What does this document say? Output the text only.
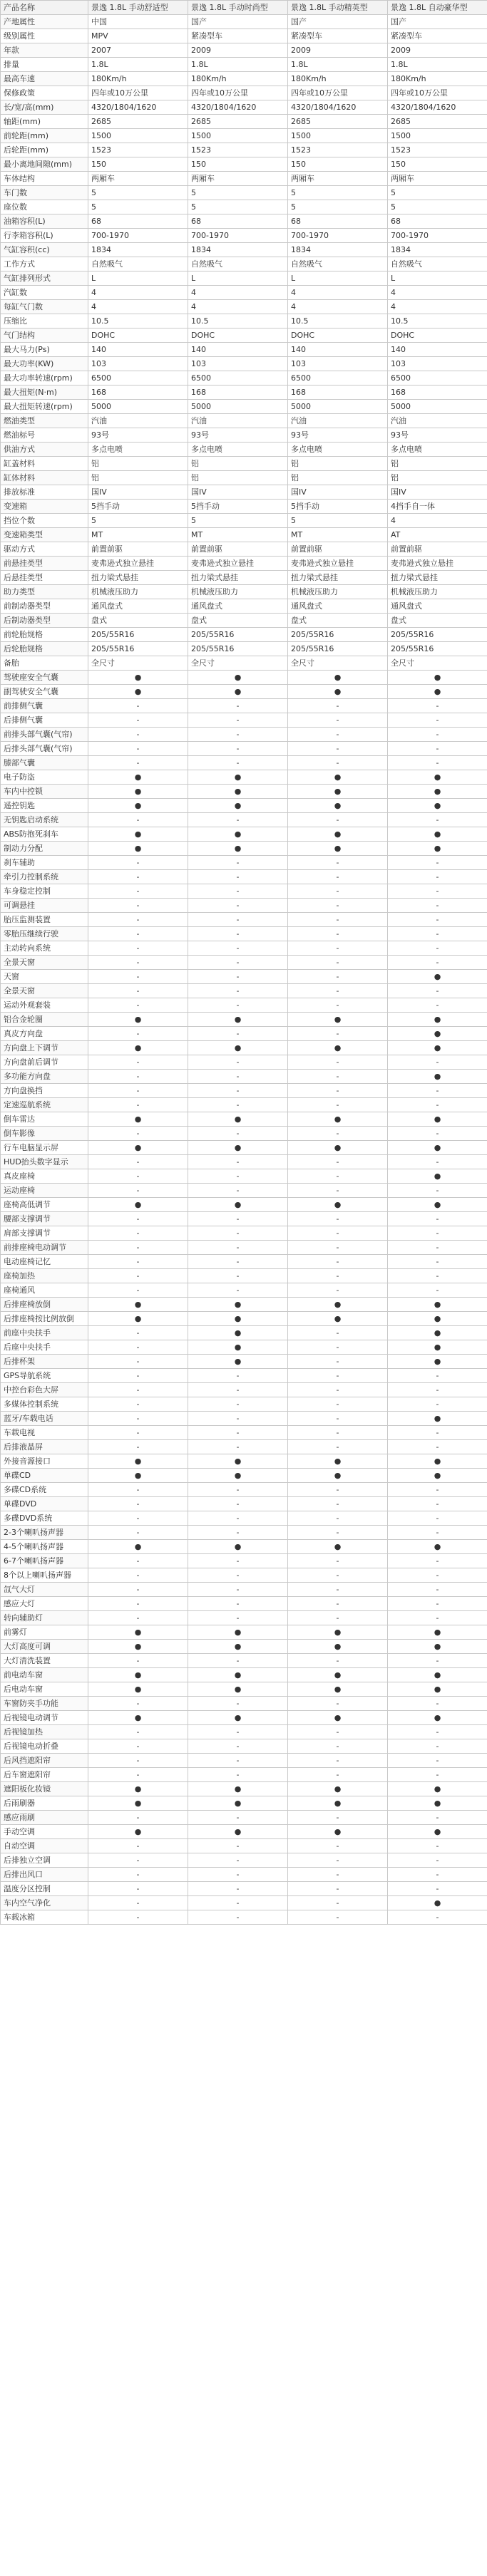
产品名称	景逸 1.8L 手动舒适型	景逸 1.8L 手动时尚型	景逸 1.8L 手动精英型	景逸 1.8L 自动豪华型
产地属性	中国	国产	国产	国产
级别属性	MPV	紧凑型车	紧凑型车	紧凑型车
年款	2007	2009	2009	2009
排量	1.8L	1.8L	1.8L	1.8L
最高车速	180Km/h	180Km/h	180Km/h	180Km/h
保修政策	四年或10万公里	四年或10万公里	四年或10万公里	四年或10万公里
长/宽/高(mm)	4320/1804/1620	4320/1804/1620	4320/1804/1620	4320/1804/1620
轴距(mm)	2685	2685	2685	2685
前轮距(mm)	1500	1500	1500	1500
后轮距(mm)	1523	1523	1523	1523
最小离地间隙(mm)	150	150	150	150
车体结构	两厢车	两厢车	两厢车	两厢车
车门数	5	5	5	5
座位数	5	5	5	5
油箱容积(L)	68	68	68	68
行李箱容积(L)	700-1970	700-1970	700-1970	700-1970
气缸容积(cc)	1834	1834	1834	1834
工作方式	自然吸气	自然吸气	自然吸气	自然吸气
气缸排列形式	L	L	L	L
汽缸数	4	4	4	4
每缸气门数	4	4	4	4
压缩比	10.5	10.5	10.5	10.5
气门结构	DOHC	DOHC	DOHC	DOHC
最大马力(Ps)	140	140	140	140
最大功率(KW)	103	103	103	103
最大功率转速(rpm)	6500	6500	6500	6500
最大扭矩(N·m)	168	168	168	168
最大扭矩转速(rpm)	5000	5000	5000	5000
燃油类型	汽油	汽油	汽油	汽油
燃油标号	93号	93号	93号	93号
供油方式	多点电喷	多点电喷	多点电喷	多点电喷
缸盖材料	铝	铝	铝	铝
缸体材料	铝	铝	铝	铝
排放标准	国IV	国IV	国IV	国IV
变速箱	5挡手动	5挡手动	5挡手动	4挡手自一体
挡位个数	5	5	5	4
变速箱类型	MT	MT	MT	AT
驱动方式	前置前驱	前置前驱	前置前驱	前置前驱
前悬挂类型	麦弗逊式独立悬挂	麦弗逊式独立悬挂	麦弗逊式独立悬挂	麦弗逊式独立悬挂
后悬挂类型	扭力梁式悬挂	扭力梁式悬挂	扭力梁式悬挂	扭力梁式悬挂
助力类型	机械液压助力	机械液压助力	机械液压助力	机械液压助力
前制动器类型	通风盘式	通风盘式	通风盘式	通风盘式
后制动器类型	盘式	盘式	盘式	盘式
前轮胎规格	205/55R16	205/55R16	205/55R16	205/55R16
后轮胎规格	205/55R16	205/55R16	205/55R16	205/55R16
备胎	全尺寸	全尺寸	全尺寸	全尺寸
驾驶座安全气囊	●	●	●	●
副驾驶安全气囊	●	●	●	●
前排侧气囊	-	-	-	-
后排侧气囊	-	-	-	-
前排头部气囊(气帘)	-	-	-	-
后排头部气囊(气帘)	-	-	-	-
膝部气囊	-	-	-	-
电子防盗	●	●	●	●
车内中控锁	●	●	●	●
遥控钥匙	●	●	●	●
无钥匙启动系统	-	-	-	-
ABS防抱死刹车	●	●	●	●
制动力分配	●	●	●	●
刹车辅助	-	-	-	-
牵引力控制系统	-	-	-	-
车身稳定控制	-	-	-	-
可调悬挂	-	-	-	-
胎压监测装置	-	-	-	-
零胎压继续行驶	-	-	-	-
主动转向系统	-	-	-	-
全景天窗	-	-	-	-
天窗	-	-	-	●
全景天窗	-	-	-	-
运动外观套装	-	-	-	-
铝合金轮圈	●	●	●	●
真皮方向盘	-	-	-	●
方向盘上下调节	●	●	●	●
方向盘前后调节	-	-	-	-
多功能方向盘	-	-	-	●
方向盘换挡	-	-	-	-
定速巡航系统	-	-	-	-
倒车雷达	●	●	●	●
倒车影像	-	-	-	-
行车电脑显示屏	●	●	●	●
HUD抬头数字显示	-	-	-	-
真皮座椅	-	-	-	●
运动座椅	-	-	-	-
座椅高低调节	●	●	●	●
腰部支撑调节	-	-	-	-
肩部支撑调节	-	-	-	-
前排座椅电动调节	-	-	-	-
电动座椅记忆	-	-	-	-
座椅加热	-	-	-	-
座椅通风	-	-	-	-
后排座椅放倒	●	●	●	●
后排座椅按比例放倒	●	●	●	●
前座中央扶手	-	●	-	●
后座中央扶手	-	●	-	●
后排杯架	-	●	-	●
GPS导航系统	-	-	-	-
中控台彩色大屏	-	-	-	-
多媒体控制系统	-	-	-	-
蓝牙/车载电话	-	-	-	●
车载电视	-	-	-	-
后排液晶屏	-	-	-	-
外接音源接口	●	●	●	●
单碟CD	●	●	●	●
多碟CD系统	-	-	-	-
单碟DVD	-	-	-	-
多碟DVD系统	-	-	-	-
2-3个喇叭扬声器	-	-	-	-
4-5个喇叭扬声器	●	●	●	●
6-7个喇叭扬声器	-	-	-	-
8个以上喇叭扬声器	-	-	-	-
氙气大灯	-	-	-	-
感应大灯	-	-	-	-
转向辅助灯	-	-	-	-
前雾灯	●	●	●	●
大灯高度可调	●	●	●	●
大灯清洗装置	-	-	-	-
前电动车窗	●	●	●	●
后电动车窗	●	●	●	●
车窗防夹手功能	-	-	-	-
后视镜电动调节	●	●	●	●
后视镜加热	-	-	-	-
后视镜电动折叠	-	-	-	-
后风挡遮阳帘	-	-	-	-
后车窗遮阳帘	-	-	-	-
遮阳板化妆镜	●	●	●	●
后雨刷器	●	●	●	●
感应雨刷	-	-	-	-
手动空调	●	●	●	●
自动空调	-	-	-	-
后排独立空调	-	-	-	-
后排出风口	-	-	-	-
温度分区控制	-	-	-	-
车内空气净化	-	-	-	●
车载冰箱	-	-	-	-
